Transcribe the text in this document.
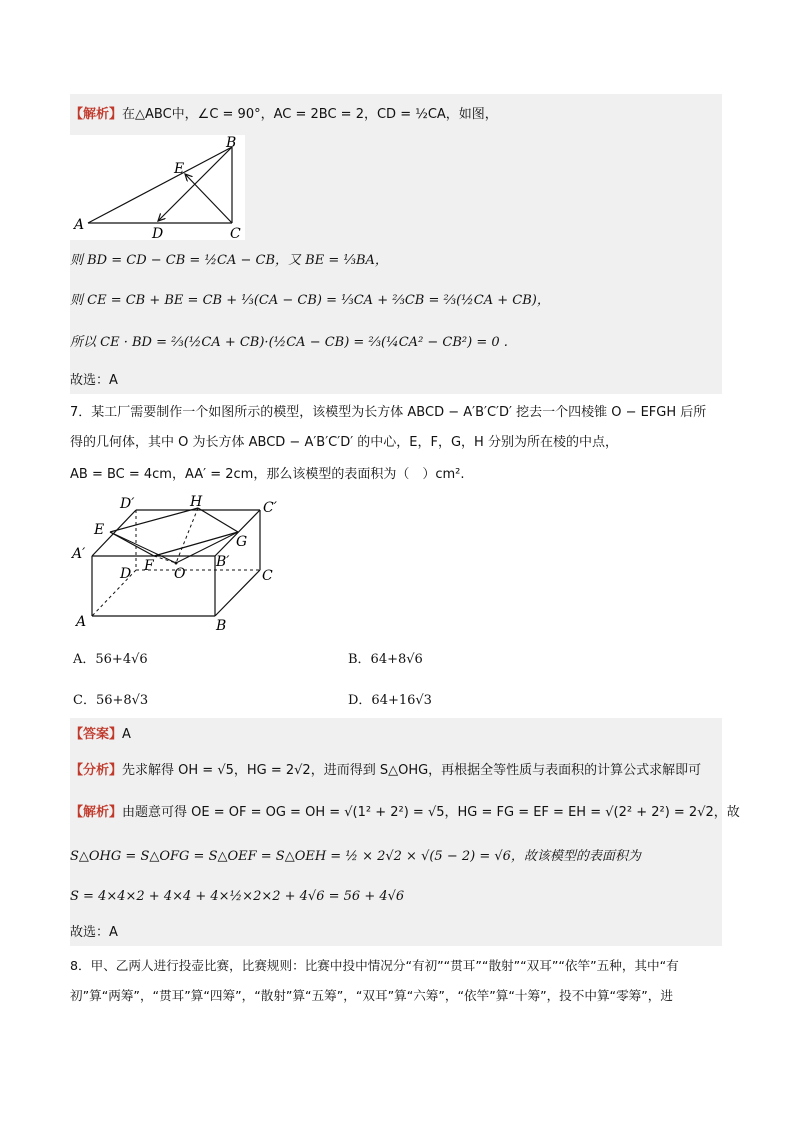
【解析】在△ABC中，∠C = 90°，AC = 2BC = 2，CD = ½CA，如图，
A
B
C
D
E
则 BD = CD − CB = ½CA − CB，又 BE = ⅓BA，
则 CE = CB + BE = CB + ⅓(CA − CB) = ⅓CA + ⅔CB = ⅔(½CA + CB)，
所以 CE · BD = ⅔(½CA + CB)·(½CA − CB) = ⅔(¼CA² − CB²) = 0 .
故选：A
7．某工厂需要制作一个如图所示的模型，该模型为长方体 ABCD − A′B′C′D′ 挖去一个四棱锥 O − EFGH 后所
得的几何体，其中 O 为长方体 ABCD − A′B′C′D′ 的中心，E，F，G，H 分别为所在棱的中点，
AB = BC = 4cm，AA′ = 2cm，那么该模型的表面积为（　）cm².
D′	H	C′
E
A′
G
B′
D F O	C
A	B
A．56+4√6	B．64+8√6
C．56+8√3	D．64+16√3
【答案】A
【分析】先求解得 OH = √5，HG = 2√2，进而得到 S△OHG，再根据全等性质与表面积的计算公式求解即可
【解析】由题意可得 OE = OF = OG = OH = √(1² + 2²) = √5，HG = FG = EF = EH = √(2² + 2²) = 2√2，故
S△OHG = S△OFG = S△OEF = S△OEH = ½ × 2√2 × √(5 − 2) = √6，故该模型的表面积为
S = 4×4×2 + 4×4 + 4×½×2×2 + 4√6 = 56 + 4√6
故选：A
8．甲、乙两人进行投壶比赛，比赛规则：比赛中投中情况分“有初”“贯耳”“散射”“双耳”“依竿”五种，其中“有
初”算“两筹”，“贯耳”算“四筹”，“散射”算“五筹”，“双耳”算“六筹”，“依竿”算“十筹”，投不中算“零筹”，进
